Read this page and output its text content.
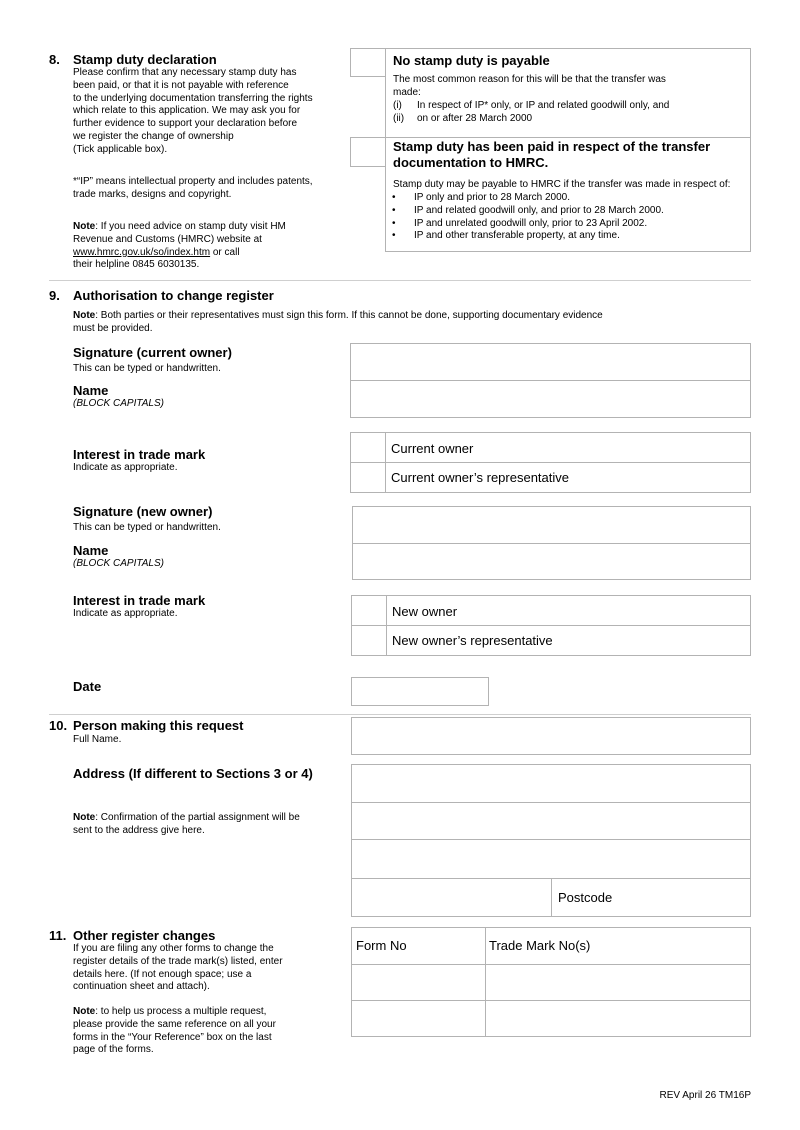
8. Stamp duty declaration
Please confirm that any necessary stamp duty has
been paid, or that it is not payable with reference
to the underlying documentation transferring the rights
which relate to this application. We may ask you for
further evidence to support your declaration before
we register the change of ownership
(Tick applicable box).
*“IP” means intellectual property and includes patents,
trade marks, designs and copyright.
Note: If you need advice on stamp duty visit HM
Revenue and Customs (HMRC) website at
www.hmrc.gov.uk/so/index.htm or call
their helpline 0845 6030135.
No stamp duty is payable
The most common reason for this will be that the transfer was
made:
(i) In respect of IP* only, or IP and related goodwill only, and
(ii) on or after 28 March 2000
Stamp duty has been paid in respect of the transfer
documentation to HMRC.
Stamp duty may be payable to HMRC if the transfer was made in respect of:
• IP only and prior to 28 March 2000.
• IP and related goodwill only, and prior to 28 March 2000.
• IP and unrelated goodwill only, prior to 23 April 2002.
• IP and other transferable property, at any time.
9. Authorisation to change register
Note: Both parties or their representatives must sign this form. If this cannot be done, supporting documentary evidence
must be provided.
Signature (current owner)
This can be typed or handwritten.
Name
(BLOCK CAPITALS)
Interest in trade mark
Indicate as appropriate.
Current owner
Current owner’s representative
Signature (new owner)
This can be typed or handwritten.
Name
(BLOCK CAPITALS)
Interest in trade mark
Indicate as appropriate.	New owner
New owner’s representative
Date
10. Person making this request
Full Name.
Address (If different to Sections 3 or 4)
Note: Confirmation of the partial assignment will be
sent to the address give here.
Postcode
11. Other register changes
If you are filing any other forms to change the
register details of the trade mark(s) listed, enter
details here. (If not enough space; use a
continuation sheet and attach).
Note: to help us process a multiple request,
please provide the same reference on all your
forms in the “Your Reference” box on the last
page of the forms.
Form No	Trade Mark No(s)
REV April 26 TM16P
